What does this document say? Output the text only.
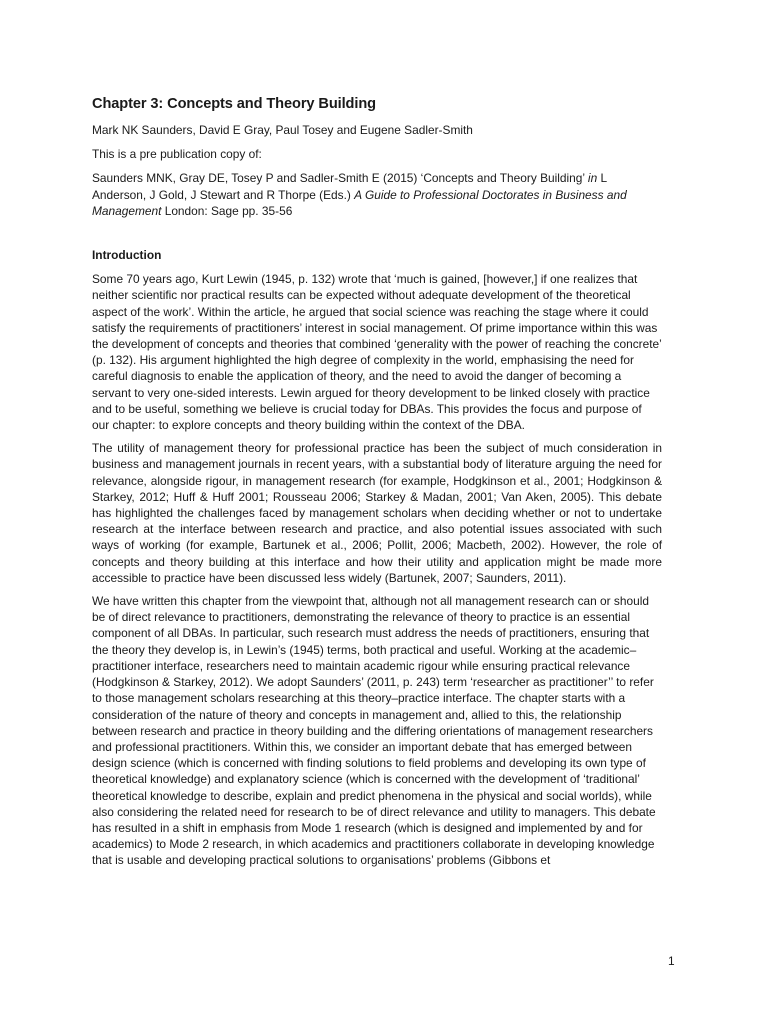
Chapter 3: Concepts and Theory Building

Mark NK Saunders, David E Gray, Paul Tosey and Eugene Sadler-Smith

This is a pre publication copy of:

Saunders MNK, Gray DE, Tosey P and Sadler-Smith E (2015) ‘Concepts and Theory Building’ in L Anderson, J Gold, J Stewart and R Thorpe (Eds.) A Guide to Professional Doctorates in Business and Management London: Sage pp. 35-56

Introduction

Some 70 years ago, Kurt Lewin (1945, p. 132) wrote that ‘much is gained, [however,] if one realizes that neither scientific nor practical results can be expected without adequate development of the theoretical aspect of the work’. Within the article, he argued that social science was reaching the stage where it could satisfy the requirements of practitioners’ interest in social management. Of prime importance within this was the development of concepts and theories that combined ‘generality with the power of reaching the concrete’ (p. 132). His argument highlighted the high degree of complexity in the world, emphasising the need for careful diagnosis to enable the application of theory, and the need to avoid the danger of becoming a servant to very one-sided interests. Lewin argued for theory development to be linked closely with practice and to be useful, something we believe is crucial today for DBAs. This provides the focus and purpose of our chapter: to explore concepts and theory building within the context of the DBA.

The utility of management theory for professional practice has been the subject of much consideration in business and management journals in recent years, with a substantial body of literature arguing the need for relevance, alongside rigour, in management research (for example, Hodgkinson et al., 2001; Hodgkinson & Starkey, 2012; Huff & Huff 2001; Rousseau 2006; Starkey & Madan, 2001; Van Aken, 2005). This debate has highlighted the challenges faced by management scholars when deciding whether or not to undertake research at the interface between research and practice, and also potential issues associated with such ways of working (for example, Bartunek et al., 2006; Pollit, 2006; Macbeth, 2002). However, the role of concepts and theory building at this interface and how their utility and application might be made more accessible to practice have been discussed less widely (Bartunek, 2007; Saunders, 2011).

We have written this chapter from the viewpoint that, although not all management research can or should be of direct relevance to practitioners, demonstrating the relevance of theory to practice is an essential component of all DBAs. In particular, such research must address the needs of practitioners, ensuring that the theory they develop is, in Lewin’s (1945) terms, both practical and useful. Working at the academic–practitioner interface, researchers need to maintain academic rigour while ensuring practical relevance (Hodgkinson & Starkey, 2012). We adopt Saunders’ (2011, p. 243) term ‘researcher as practitioner’’ to refer to those management scholars researching at this theory–practice interface. The chapter starts with a consideration of the nature of theory and concepts in management and, allied to this, the relationship between research and practice in theory building and the differing orientations of management researchers and professional practitioners. Within this, we consider an important debate that has emerged between design science (which is concerned with finding solutions to field problems and developing its own type of theoretical knowledge) and explanatory science (which is concerned with the development of ‘traditional’ theoretical knowledge to describe, explain and predict phenomena in the physical and social worlds), while also considering the related need for research to be of direct relevance and utility to managers. This debate has resulted in a shift in emphasis from Mode 1 research (which is designed and implemented by and for academics) to Mode 2 research, in which academics and practitioners collaborate in developing knowledge that is usable and developing practical solutions to organisations’ problems (Gibbons et

1
